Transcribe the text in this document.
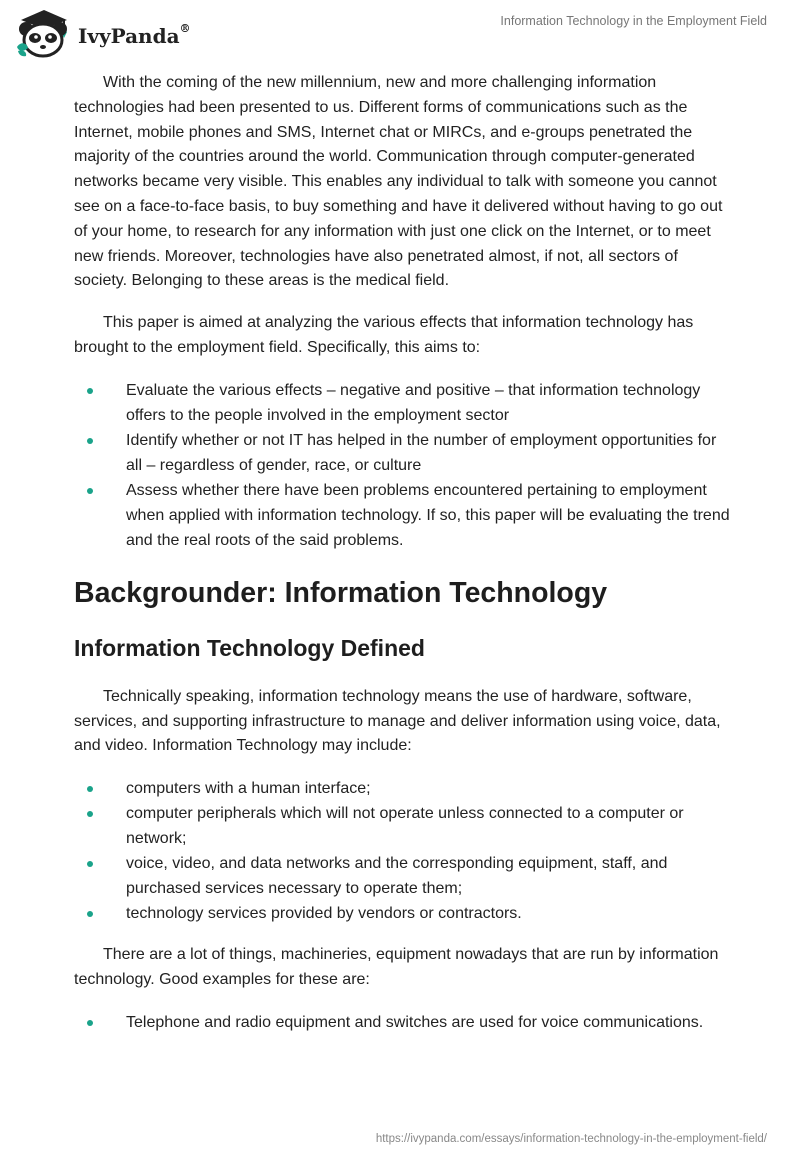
IvyPanda®
Information Technology in the Employment Field

With the coming of the new millennium, new and more challenging information technologies had been presented to us. Different forms of communications such as the Internet, mobile phones and SMS, Internet chat or MIRCs, and e-groups penetrated the majority of the countries around the world. Communication through computer-generated networks became very visible. This enables any individual to talk with someone you cannot see on a face-to-face basis, to buy something and have it delivered without having to go out of your home, to research for any information with just one click on the Internet, or to meet new friends. Moreover, technologies have also penetrated almost, if not, all sectors of society. Belonging to these areas is the medical field.

This paper is aimed at analyzing the various effects that information technology has brought to the employment field. Specifically, this aims to:

Evaluate the various effects – negative and positive – that information technology offers to the people involved in the employment sector
Identify whether or not IT has helped in the number of employment opportunities for all – regardless of gender, race, or culture
Assess whether there have been problems encountered pertaining to employment when applied with information technology. If so, this paper will be evaluating the trend and the real roots of the said problems.
Backgrounder: Information Technology
Information Technology Defined

Technically speaking, information technology means the use of hardware, software, services, and supporting infrastructure to manage and deliver information using voice, data, and video. Information Technology may include:

computers with a human interface;
computer peripherals which will not operate unless connected to a computer or network;
voice, video, and data networks and the corresponding equipment, staff, and purchased services necessary to operate them;
technology services provided by vendors or contractors.

There are a lot of things, machineries, equipment nowadays that are run by information technology. Good examples for these are:

Telephone and radio equipment and switches are used for voice communications.
https://ivypanda.com/essays/information-technology-in-the-employment-field/
